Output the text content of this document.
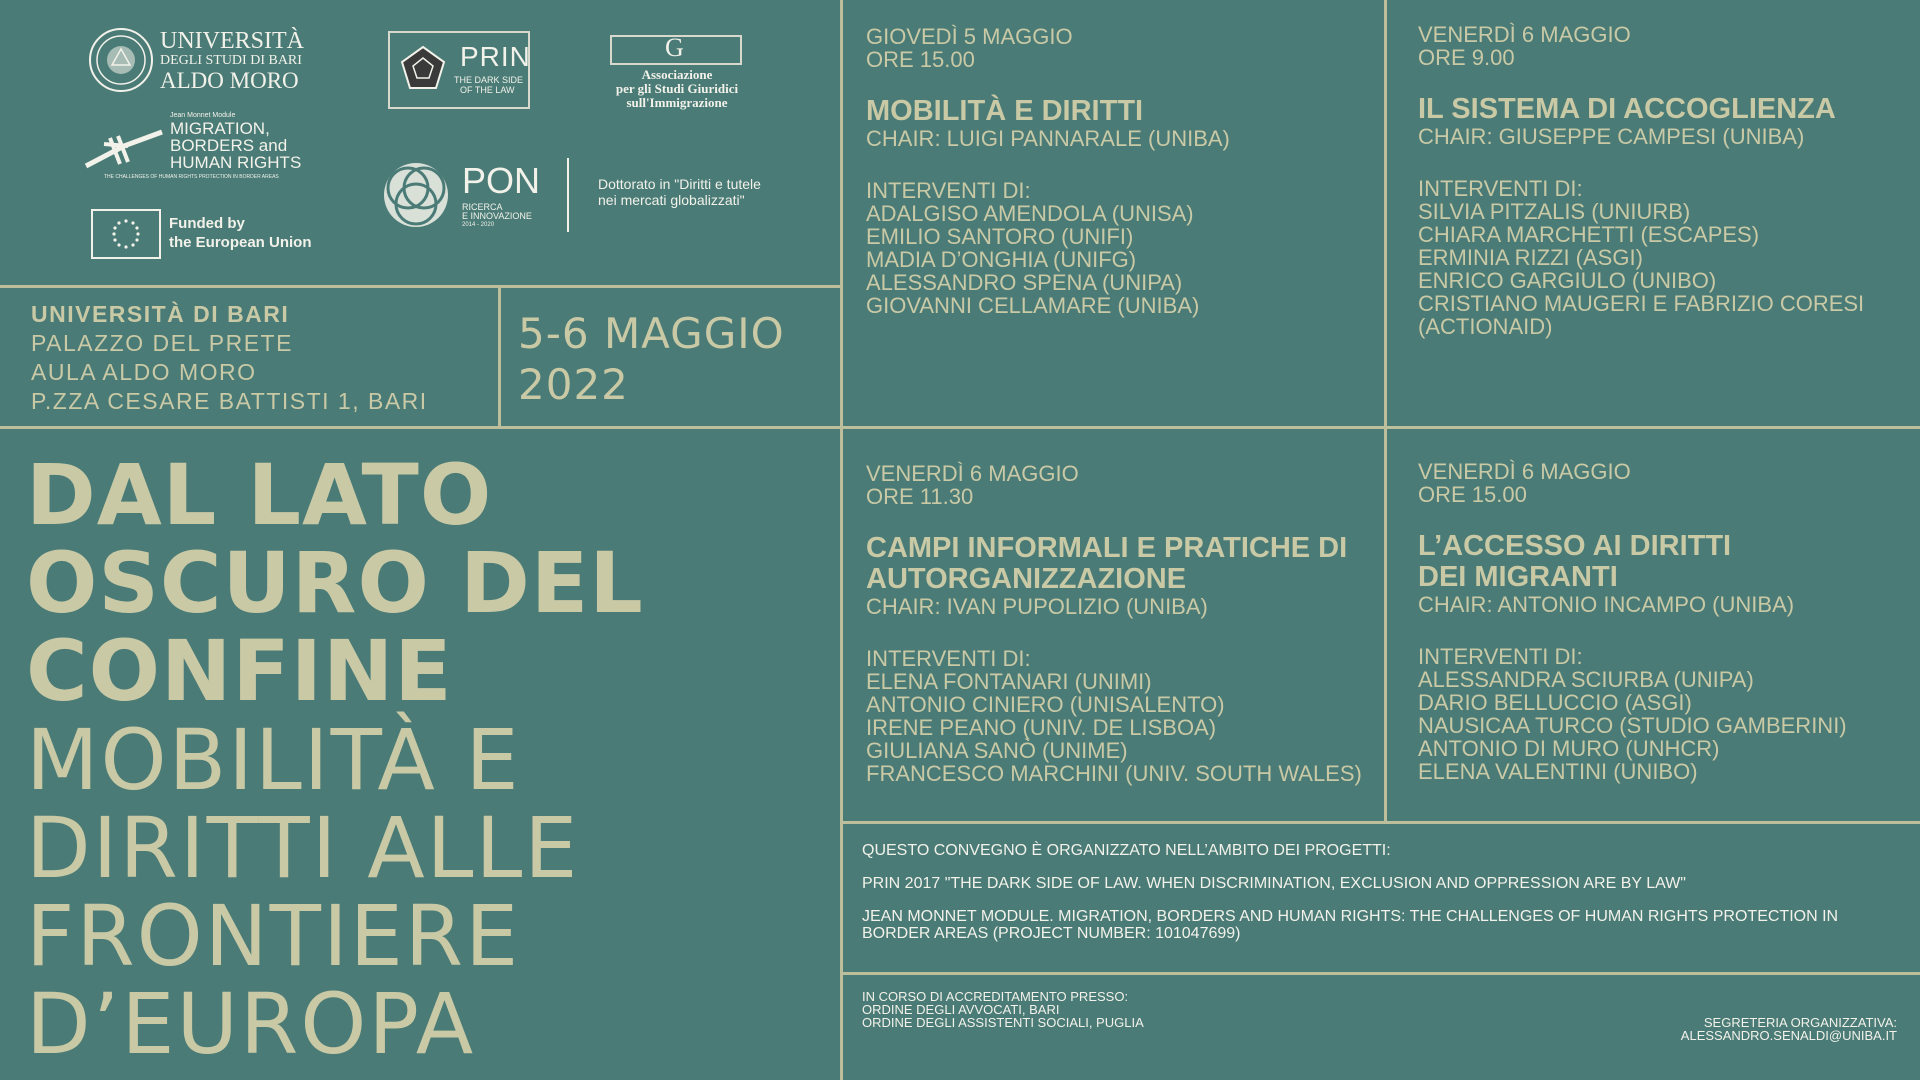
UNIVERSITÀ
DEGLI STUDI DI BARI
ALDO MORO
PRIN
THE DARK SIDE
OF THE LAW
G
Associazione
per gli Studi Giuridici
sull'Immigrazione
Jean Monnet Module
MIGRATION,
BORDERS and
HUMAN RIGHTS
THE CHALLENGES OF HUMAN RIGHTS PROTECTION IN BORDER AREAS	PON
RICERCA
E INNOVAZIONE
2014 - 2020
Dottorato in "Diritti e tutele nei mercati globalizzati"
Funded by
the European Union
UNIVERSITÀ DI BARI
PALAZZO DEL PRETE
AULA ALDO MORO
P.ZZA CESARE BATTISTI 1, BARI
5-6 MAGGIO
2022
DAL LATO
OSCURO DEL
CONFINE
MOBILITÀ E
DIRITTI ALLE
FRONTIERE
D’EUROPA
GIOVEDÌ 5 MAGGIO
ORE 15.00
MOBILITÀ E DIRITTI
CHAIR: LUIGI PANNARALE (UNIBA)
INTERVENTI DI:
ADALGISO AMENDOLA (UNISA)
EMILIO SANTORO (UNIFI)
MADIA D’ONGHIA (UNIFG)
ALESSANDRO SPENA (UNIPA)
GIOVANNI CELLAMARE (UNIBA)
VENERDÌ 6 MAGGIO
ORE 9.00
IL SISTEMA DI ACCOGLIENZA
CHAIR: GIUSEPPE CAMPESI (UNIBA)
INTERVENTI DI:
SILVIA PITZALIS (UNIURB)
CHIARA MARCHETTI (ESCAPES)
ERMINIA RIZZI (ASGI)
ENRICO GARGIULO (UNIBO)
CRISTIANO MAUGERI E FABRIZIO CORESI
(ACTIONAID)
VENERDÌ 6 MAGGIO
ORE 11.30
CAMPI INFORMALI E PRATICHE DI
AUTORGANIZZAZIONE
CHAIR: IVAN PUPOLIZIO (UNIBA)
INTERVENTI DI:
ELENA FONTANARI (UNIMI)
ANTONIO CINIERO (UNISALENTO)
IRENE PEANO (UNIV. DE LISBOA)
GIULIANA SANÒ (UNIME)
FRANCESCO MARCHINI (UNIV. SOUTH WALES)
VENERDÌ 6 MAGGIO
ORE 15.00
L’ACCESSO AI DIRITTI
DEI MIGRANTI
CHAIR: ANTONIO INCAMPO (UNIBA)
INTERVENTI DI:
ALESSANDRA SCIURBA (UNIPA)
DARIO BELLUCCIO (ASGI)
NAUSICAA TURCO (STUDIO GAMBERINI)
ANTONIO DI MURO (UNHCR)
ELENA VALENTINI (UNIBO)
QUESTO CONVEGNO È ORGANIZZATO NELL’AMBITO DEI PROGETTI:
PRIN 2017 "THE DARK SIDE OF LAW. WHEN DISCRIMINATION, EXCLUSION AND OPPRESSION ARE BY LAW"
JEAN MONNET MODULE. MIGRATION, BORDERS AND HUMAN RIGHTS: THE CHALLENGES OF HUMAN RIGHTS PROTECTION IN
BORDER AREAS (PROJECT NUMBER: 101047699)
IN CORSO DI ACCREDITAMENTO PRESSO:
ORDINE DEGLI AVVOCATI, BARI
ORDINE DEGLI ASSISTENTI SOCIALI, PUGLIA	SEGRETERIA ORGANIZZATIVA:
ALESSANDRO.SENALDI@UNIBA.IT
